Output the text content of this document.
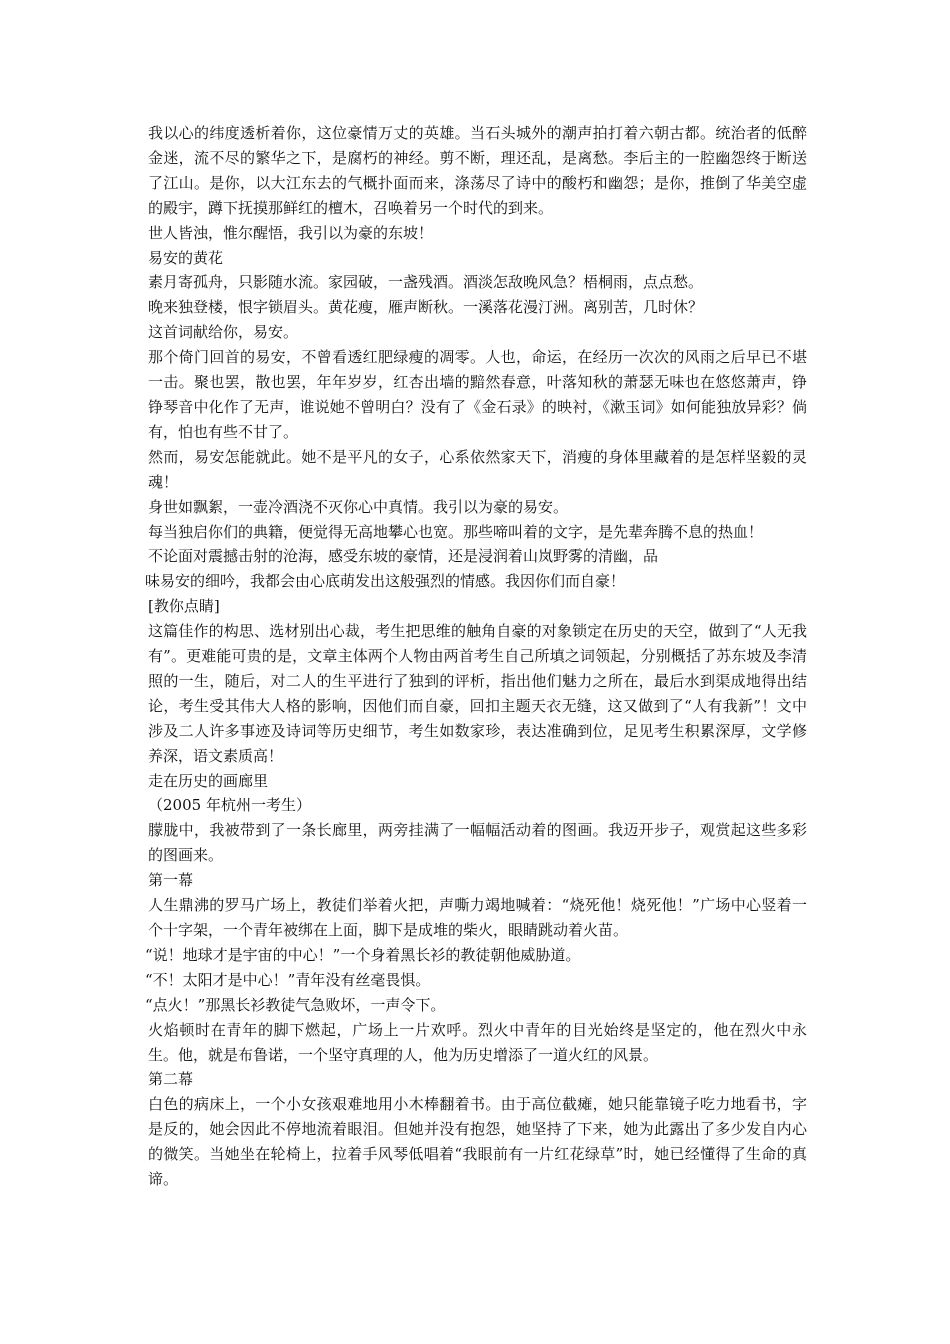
我以心的纬度透析着你，这位豪情万丈的英雄。当石头城外的潮声拍打着六朝古都。统治者的低醉金迷，流不尽的繁华之下，是腐朽的神经。剪不断，理还乱，是离愁。李后主的一腔幽怨终于断送了江山。是你，以大江东去的气概扑面而来，涤荡尽了诗中的酸朽和幽怨；是你，推倒了华美空虚的殿宇，蹲下抚摸那鲜红的檀木，召唤着另一个时代的到来。

世人皆浊，惟尔醒悟，我引以为豪的东坡！

易安的黄花

素月寄孤舟，只影随水流。家园破，一盏残酒。酒淡怎敌晚风急？梧桐雨，点点愁。

晚来独登楼，恨字锁眉头。黄花瘦，雁声断秋。一溪落花漫汀洲。离别苦，几时休？

这首词献给你，易安。

那个倚门回首的易安，不曾看透红肥绿瘦的凋零。人也，命运，在经历一次次的风雨之后早已不堪一击。聚也罢，散也罢，年年岁岁，红杏出墙的黯然春意，叶落知秋的萧瑟无味也在悠悠萧声，铮铮琴音中化作了无声，谁说她不曾明白？没有了《金石录》的映衬，《漱玉词》如何能独放异彩？倘有，怕也有些不甘了。

然而，易安怎能就此。她不是平凡的女子，心系依然家天下，消瘦的身体里藏着的是怎样坚毅的灵魂！

身世如飘絮，一壶冷酒浇不灭你心中真情。我引以为豪的易安。

每当独启你们的典籍，便觉得无高地攀心也宽。那些啼叫着的文字，是先辈奔腾不息的热血！

不论面对震撼击射的沧海，感受东坡的豪情，还是浸润着山岚野雾的清幽，品

味易安的细吟，我都会由心底萌发出这般强烈的情感。我因你们而自豪！

[教你点睛]

这篇佳作的构思、选材别出心裁，考生把思维的触角自豪的对象锁定在历史的天空，做到了“人无我有”。更难能可贵的是，文章主体两个人物由两首考生自己所填之词领起，分别概括了苏东坡及李清照的一生，随后，对二人的生平进行了独到的评析，指出他们魅力之所在，最后水到渠成地得出结论，考生受其伟大人格的影响，因他们而自豪，回扣主题天衣无缝，这又做到了“人有我新”！文中涉及二人许多事迹及诗词等历史细节，考生如数家珍，表达准确到位，足见考生积累深厚，文学修养深，语文素质高！

走在历史的画廊里

（2005 年杭州一考生）

朦胧中，我被带到了一条长廊里，两旁挂满了一幅幅活动着的图画。我迈开步子，观赏起这些多彩的图画来。

第一幕

人生鼎沸的罗马广场上，教徒们举着火把，声嘶力竭地喊着：“烧死他！烧死他！”广场中心竖着一个十字架，一个青年被绑在上面，脚下是成堆的柴火，眼睛跳动着火苗。

“说！地球才是宇宙的中心！”一个身着黑长衫的教徒朝他威胁道。

“不！太阳才是中心！”青年没有丝毫畏惧。

“点火！”那黑长衫教徒气急败坏，一声令下。

火焰顿时在青年的脚下燃起，广场上一片欢呼。烈火中青年的目光始终是坚定的，他在烈火中永生。他，就是布鲁诺，一个坚守真理的人，他为历史增添了一道火红的风景。

第二幕

白色的病床上，一个小女孩艰难地用小木棒翻着书。由于高位截瘫，她只能靠镜子吃力地看书，字是反的，她会因此不停地流着眼泪。但她并没有抱怨，她坚持了下来，她为此露出了多少发自内心的微笑。当她坐在轮椅上，拉着手风琴低唱着“我眼前有一片红花绿草”时，她已经懂得了生命的真谛。
